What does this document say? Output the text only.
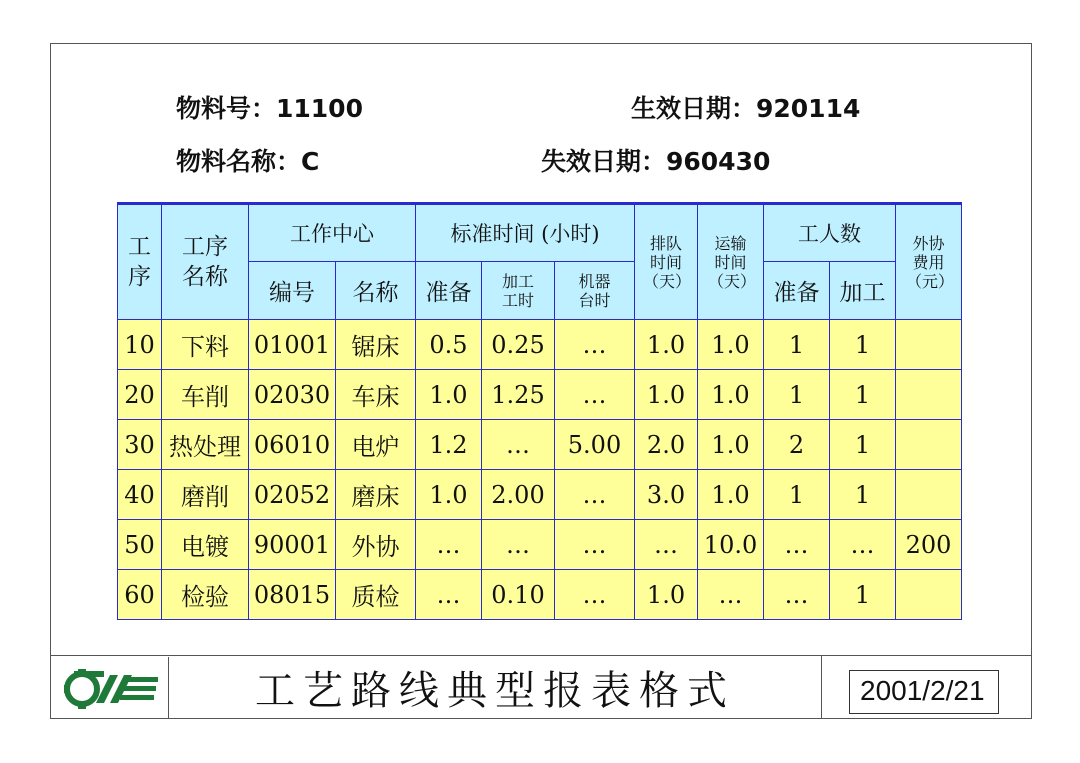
物料号：11100	生效日期：920114
物料名称：C	失效日期：960430
工序	工序名称	工作中心		标准时间 (小时)			排队时间（天）	运输时间（天）	工人数		外协费用（元）
		编号	名称	准备	加工工时	机器台时			准备	加工	
10	下料	01001	锯床	0.5	0.25	…	1.0	1.0	1	1	
20	车削	02030	车床	1.0	1.25	…	1.0	1.0	1	1	
30	热处理	06010	电炉	1.2	…	5.00	2.0	1.0	2	1	
40	磨削	02052	磨床	1.0	2.00	…	3.0	1.0	1	1	
50	电镀	90001	外协	…	…	…	…	10.0	…	…	200
60	检验	08015	质检	…	0.10	…	1.0	…	…	1	
工艺路线典型报表格式	2001/2/21
